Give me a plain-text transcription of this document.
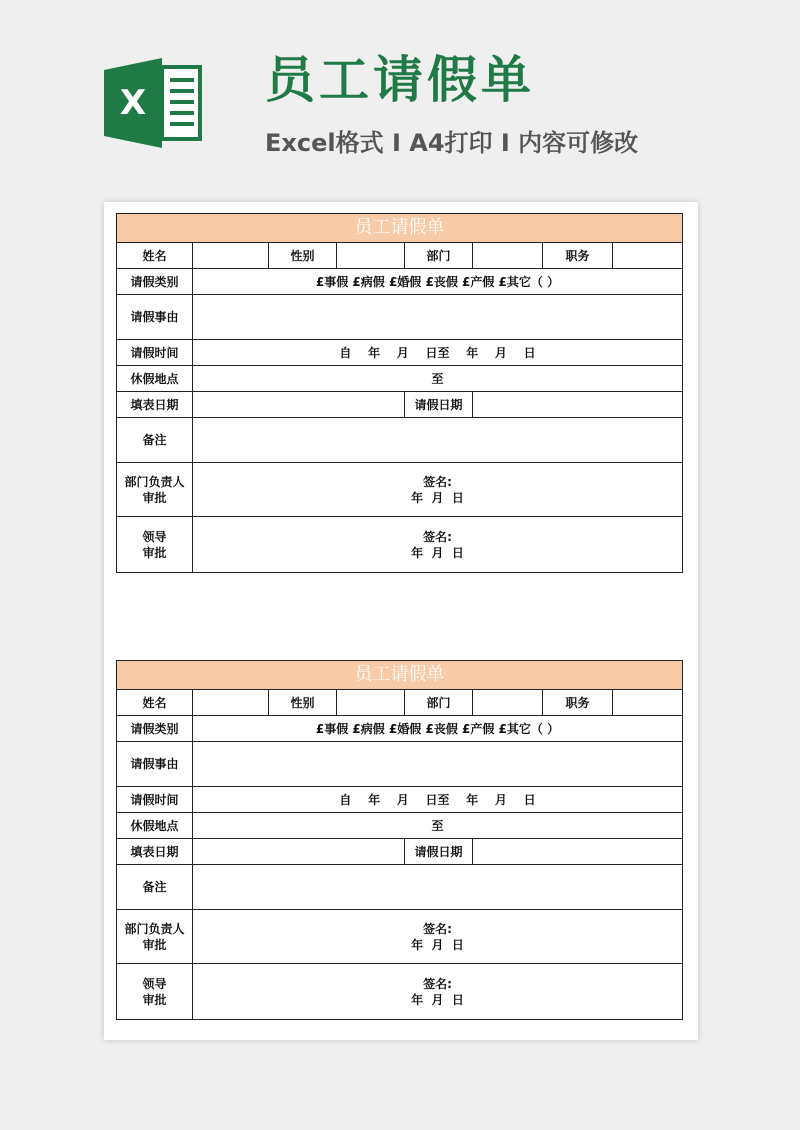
X 员工请假单
Excel格式 I A4打印 I 内容可修改
员工请假单							
姓名		性别		部门		职务	
请假类别	£事假 £病假 £婚假 £丧假 £产假 £其它（ ）						
请假事由							
请假时间	自    年    月    日至    年    月    日						
休假地点	至						
填表日期				请假日期			
备注							

部门负责人
审批	签名:
年  月  日						

领导
审批	签名:
年  月  日						
员工请假单							
姓名		性别		部门		职务	
请假类别	£事假 £病假 £婚假 £丧假 £产假 £其它（ ）						
请假事由							
请假时间	自    年    月    日至    年    月    日						
休假地点	至						
填表日期				请假日期			
备注							

部门负责人
审批	签名:
年  月  日						

领导
审批	签名:
年  月  日						
